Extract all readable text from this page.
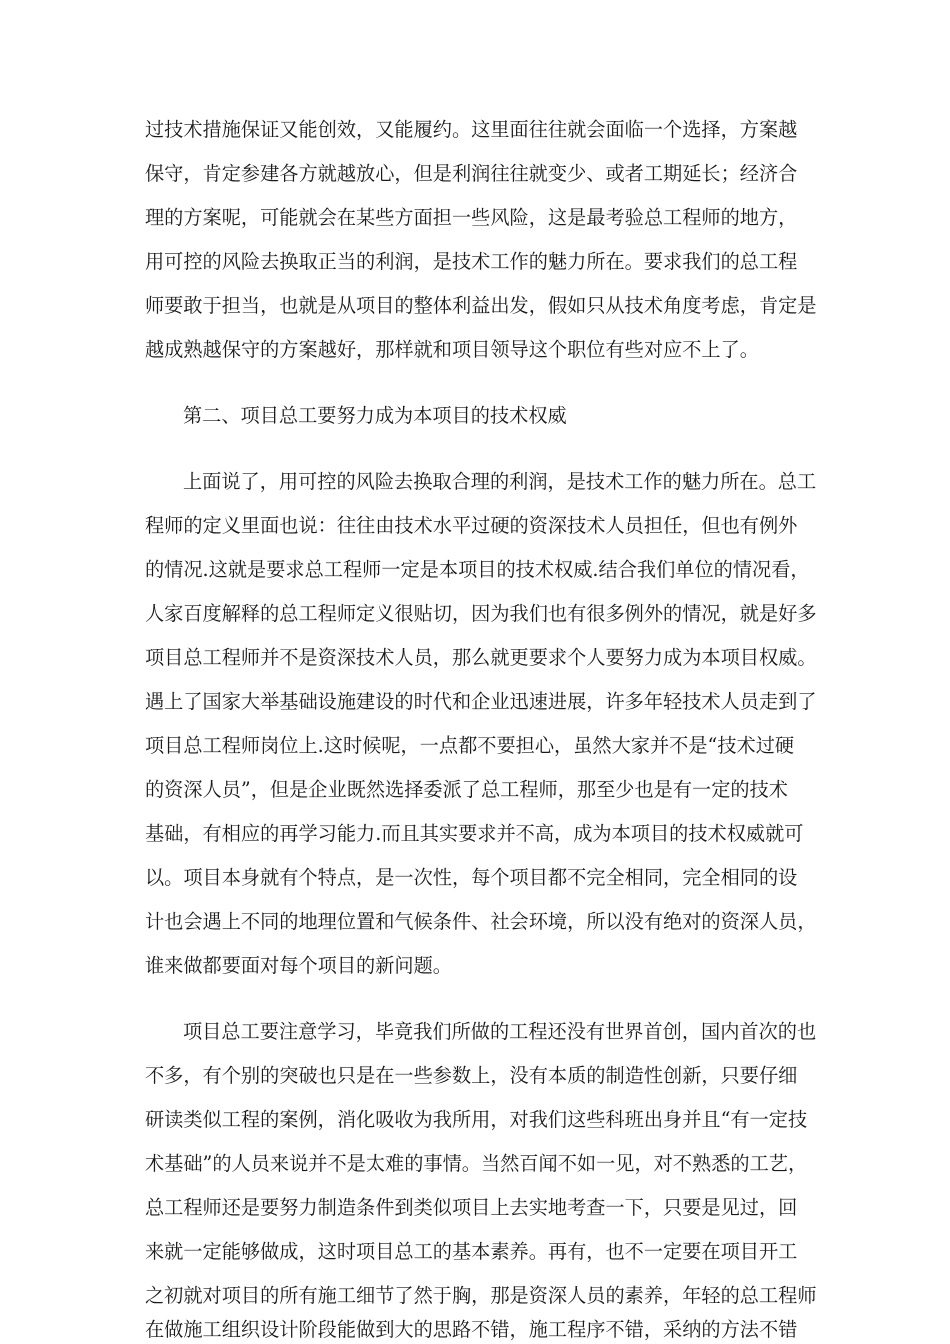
过技术措施保证又能创效，又能履约。这里面往往就会面临一个选择，方案越
保守，肯定参建各方就越放心，但是利润往往就变少、或者工期延长；经济合
理的方案呢，可能就会在某些方面担一些风险，这是最考验总工程师的地方，
用可控的风险去换取正当的利润，是技术工作的魅力所在。要求我们的总工程
师要敢于担当，也就是从项目的整体利益出发，假如只从技术角度考虑，肯定是
越成熟越保守的方案越好，那样就和项目领导这个职位有些对应不上了。
第二、项目总工要努力成为本项目的技术权威
上面说了，用可控的风险去换取合理的利润，是技术工作的魅力所在。总工
程师的定义里面也说：往往由技术水平过硬的资深技术人员担任，但也有例外
的情况.这就是要求总工程师一定是本项目的技术权威.结合我们单位的情况看，
人家百度解释的总工程师定义很贴切，因为我们也有很多例外的情况，就是好多
项目总工程师并不是资深技术人员，那么就更要求个人要努力成为本项目权威。
遇上了国家大举基础设施建设的时代和企业迅速进展，许多年轻技术人员走到了
项目总工程师岗位上.这时候呢，一点都不要担心，虽然大家并不是“技术过硬
的资深人员”，但是企业既然选择委派了总工程师，那至少也是有一定的技术
基础，有相应的再学习能力.而且其实要求并不高，成为本项目的技术权威就可
以。项目本身就有个特点，是一次性，每个项目都不完全相同，完全相同的设
计也会遇上不同的地理位置和气候条件、社会环境，所以没有绝对的资深人员，
谁来做都要面对每个项目的新问题。
项目总工要注意学习，毕竟我们所做的工程还没有世界首创，国内首次的也
不多，有个别的突破也只是在一些参数上，没有本质的制造性创新，只要仔细
研读类似工程的案例，消化吸收为我所用，对我们这些科班出身并且“有一定技
术基础”的人员来说并不是太难的事情。当然百闻不如一见，对不熟悉的工艺，
总工程师还是要努力制造条件到类似项目上去实地考查一下，只要是见过，回
来就一定能够做成，这时项目总工的基本素养。再有，也不一定要在项目开工
之初就对项目的所有施工细节了然于胸，那是资深人员的素养，年轻的总工程师
在做施工组织设计阶段能做到大的思路不错，施工程序不错，采纳的方法不错
